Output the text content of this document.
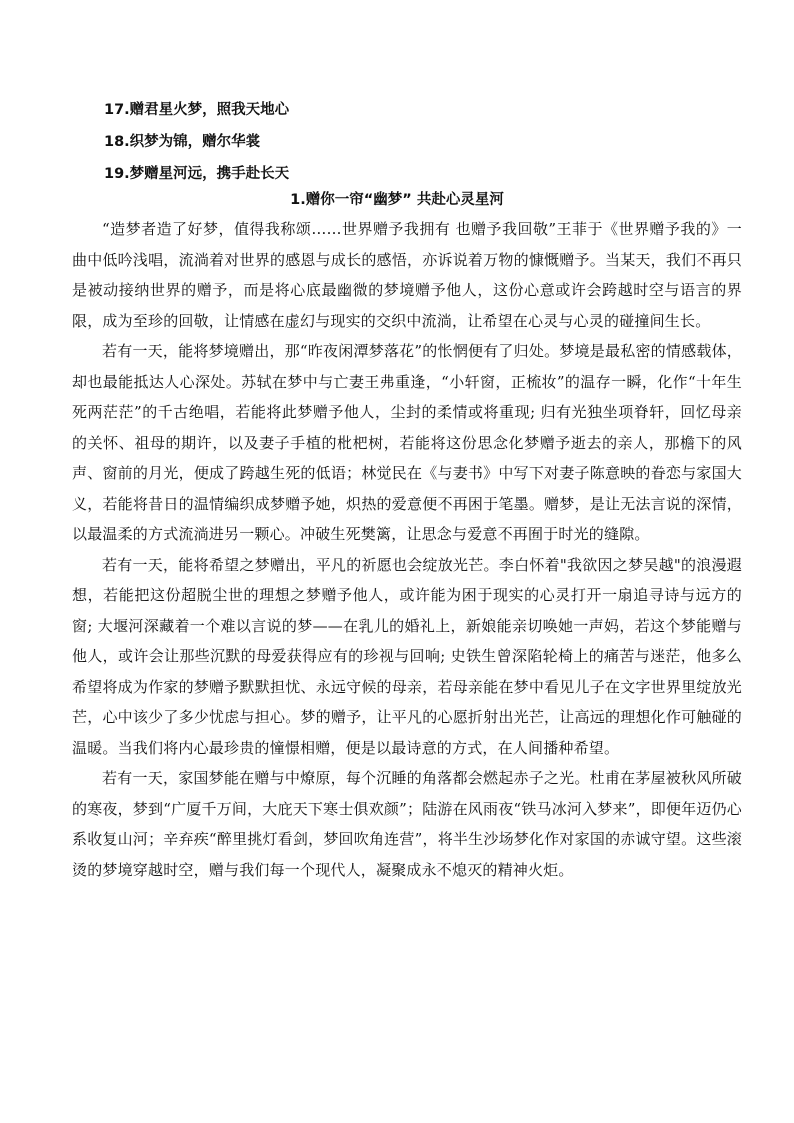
17.赠君星火梦，照我天地心
18.织梦为锦，赠尔华裳
19.梦赠星河远，携手赴长天
1.赠你一帘“幽梦” 共赴心灵星河

“造梦者造了好梦，值得我称颂……世界赠予我拥有 也赠予我回敬”王菲于《世界赠予我的》一曲中低吟浅唱，流淌着对世界的感恩与成长的感悟，亦诉说着万物的慷慨赠予。当某天，我们不再只是被动接纳世界的赠予，而是将心底最幽微的梦境赠予他人，这份心意或许会跨越时空与语言的界限，成为至珍的回敬，让情感在虚幻与现实的交织中流淌，让希望在心灵与心灵的碰撞间生长。

若有一天，能将梦境赠出，那“昨夜闲潭梦落花”的怅惘便有了归处。梦境是最私密的情感载体，却也最能抵达人心深处。苏轼在梦中与亡妻王弗重逢，“小轩窗，正梳妆”的温存一瞬，化作“十年生死两茫茫”的千古绝唱，若能将此梦赠予他人，尘封的柔情或将重现; 归有光独坐项脊轩，回忆母亲的关怀、祖母的期许，以及妻子手植的枇杷树，若能将这份思念化梦赠予逝去的亲人，那檐下的风声、窗前的月光，便成了跨越生死的低语；林觉民在《与妻书》中写下对妻子陈意映的眷恋与家国大义，若能将昔日的温情编织成梦赠予她，炽热的爱意便不再困于笔墨。赠梦，是让无法言说的深情，以最温柔的方式流淌进另一颗心。冲破生死樊篱，让思念与爱意不再囿于时光的缝隙。

若有一天，能将希望之梦赠出，平凡的祈愿也会绽放光芒。李白怀着"我欲因之梦吴越"的浪漫遐想，若能把这份超脱尘世的理想之梦赠予他人，或许能为困于现实的心灵打开一扇追寻诗与远方的窗; 大堰河深藏着一个难以言说的梦——在乳儿的婚礼上，新娘能亲切唤她一声妈，若这个梦能赠与他人，或许会让那些沉默的母爱获得应有的珍视与回响; 史铁生曾深陷轮椅上的痛苦与迷茫，他多么希望将成为作家的梦赠予默默担忧、永远守候的母亲，若母亲能在梦中看见儿子在文字世界里绽放光芒，心中该少了多少忧虑与担心。梦的赠予，让平凡的心愿折射出光芒，让高远的理想化作可触碰的温暖。当我们将内心最珍贵的憧憬相赠，便是以最诗意的方式，在人间播种希望。

若有一天，家国梦能在赠与中燎原，每个沉睡的角落都会燃起赤子之光。杜甫在茅屋被秋风所破的寒夜，梦到“广厦千万间，大庇天下寒士俱欢颜”；陆游在风雨夜“铁马冰河入梦来”，即便年迈仍心系收复山河；辛弃疾“醉里挑灯看剑，梦回吹角连营”，将半生沙场梦化作对家国的赤诚守望。这些滚烫的梦境穿越时空，赠与我们每一个现代人，凝聚成永不熄灭的精神火炬。
